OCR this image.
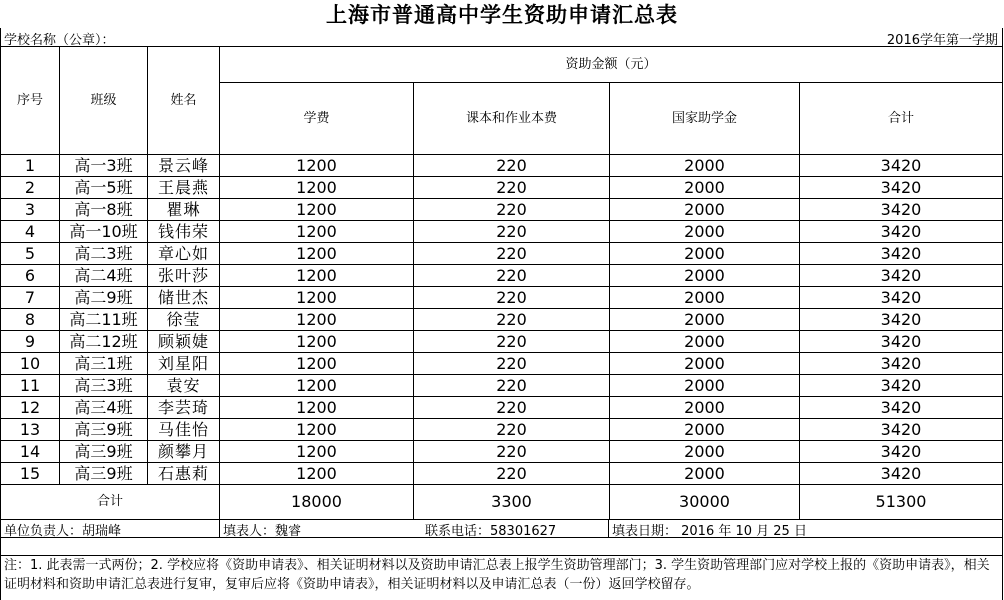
上海市普通高中学生资助申请汇总表
学校名称（公章）：	2016学年第一学期
序号	班级	姓名	资助金额（元）			
			学费	课本和作业本费	国家助学金	合计
1	高一3班	景云峰	1200	220	2000	3420
2	高一5班	王晨燕	1200	220	2000	3420
3	高一8班	瞿琳	1200	220	2000	3420
4	高一10班	钱伟荣	1200	220	2000	3420
5	高二3班	章心如	1200	220	2000	3420
6	高二4班	张叶莎	1200	220	2000	3420
7	高二9班	储世杰	1200	220	2000	3420
8	高二11班	徐莹	1200	220	2000	3420
9	高二12班	顾颖婕	1200	220	2000	3420
10	高三1班	刘星阳	1200	220	2000	3420
11	高三3班	袁安	1200	220	2000	3420
12	高三4班	李芸琦	1200	220	2000	3420
13	高三9班	马佳怡	1200	220	2000	3420
14	高三9班	颜攀月	1200	220	2000	3420
15	高三9班	石惠莉	1200	220	2000	3420
合计			18000	3300	30000	51300
单位负责人：胡瑞峰	填表人：魏睿	联系电话：58301627	填表日期： 2016 年 10 月 25 日
注：1. 此表需一式两份；2. 学校应将《资助申请表》、相关证明材料以及资助申请汇总表上报学生资助管理部门；3. 学生资助管理部门应对学校上报的《资助申请表》，相关证明材料和资助申请汇总表进行复审，复审后应将《资助申请表》，相关证明材料以及申请汇总表（一份）返回学校留存。
